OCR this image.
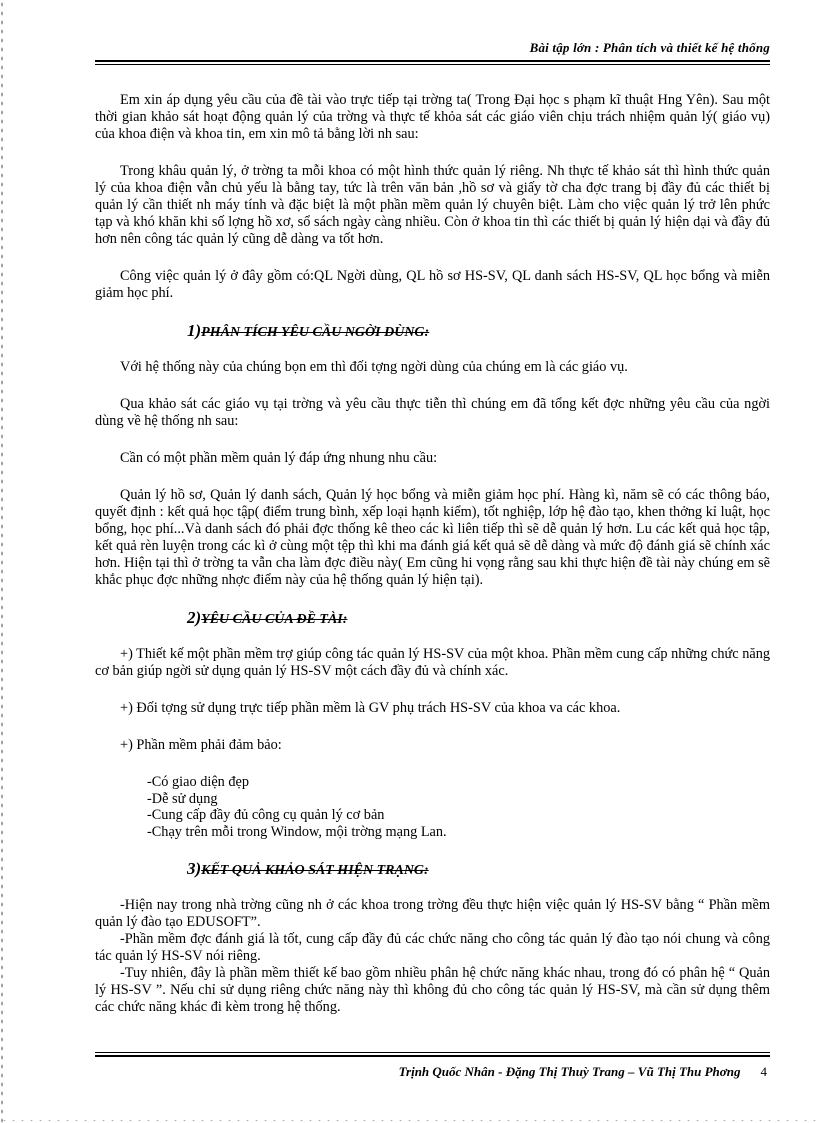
Bài tập lớn : Phân tích và thiết kế hệ thống

Em xin áp dụng yêu cầu của đề tài vào trực tiếp tại trờng ta( Trong Đại học s phạm kĩ thuật Hng Yên). Sau một thời gian khảo sát hoạt động quản lý của trờng và thực tế khỏa sát các giáo viên chịu trách nhiệm quản lý( giáo vụ) của khoa điện và khoa tin, em xin mô tả bằng lời nh sau:

Trong khâu quản lý, ở trờng ta mỗi khoa có một hình thức quản lý riêng. Nh thực tế khảo sát thì hình thức quản lý của khoa điện vẫn chủ yếu là bằng tay, tức là trên văn bản ,hồ sơ và giấy tờ cha đợc trang bị đầy đủ các thiết bị quản lý cần thiết nh máy tính và đặc biệt là một phần mềm quản lý chuyên biệt. Làm cho việc quản lý trở lên phức tạp và khó khăn khi số lợng hồ xơ, sổ sách ngày càng nhiều. Còn ở khoa tin thì các thiết bị quản lý hiện dại và đầy đủ hơn nên công tác quản lý cũng dễ dàng va tốt hơn.

Công việc quản lý ở đây gồm có:QL Ngời dùng, QL hồ sơ HS-SV, QL danh sách HS-SV, QL học bổng và miễn giảm học phí.

1)PHÂN TÍCH YÊU CẦU NGỜI DÙNG:

Với hệ thống này của chúng bọn em thì đối tợng ngời dùng của chúng em là các giáo vụ.

Qua khảo sát các giáo vụ tại trờng và yêu cầu thực tiễn thì chúng em đã tổng kết đợc những yêu cầu của ngời dùng về hệ thống nh sau:

Cần có một phần mềm quản lý đáp ứng nhung nhu cầu:

Quản lý hồ sơ, Quản lý danh sách, Quản lý học bổng và miễn giảm học phí. Hàng kì, năm sẽ có các thông báo, quyết định : kết quả học tập( điểm trung bình, xếp loại hạnh kiểm), tốt nghiệp, lớp hệ đào tạo, khen thởng kỉ luật, học bổng, học phí...Và danh sách đó phải đợc thống kê theo các kì liên tiếp thì sẽ dễ quản lý hơn. Lu các kết quả học tập, kết quả rèn luyện trong các kì ở cùng một tệp thì khi ma đánh giá kết quả sẽ dễ dàng và mức độ đánh giá sẽ chính xác hơn. Hiện tại thì ở trờng ta vẫn cha làm đợc điều này( Em cũng hi vọng rằng sau khi thực hiện đề tài này chúng em sẽ khắc phục đợc những nhợc điểm này của hệ thống quản lý hiện tại).

2)YÊU CẦU CỦA ĐỀ TÀI:

+) Thiết kế một phần mềm trợ giúp công tác quản lý HS-SV của một khoa. Phần mềm cung cấp những chức năng cơ bản giúp ngời sử dụng quản lý HS-SV một cách đầy đủ và chính xác.

+) Đối tợng sử dụng trực tiếp phần mềm là GV phụ trách HS-SV của khoa va các khoa.

+) Phần mềm phải đảm bảo:

-Có giao diện đẹp
-Dễ sử dụng
-Cung cấp đầy đủ công cụ quản lý cơ bản
-Chạy trên mỗi trong Window, mội trờng mạng Lan.
3)KẾT QUẢ KHẢO SÁT HIỆN TRẠNG:

-Hiện nay trong nhà trờng cũng nh ở các khoa trong trờng đều thực hiện việc quản lý HS-SV bằng “ Phần mềm quản lý đào tạo EDUSOFT”.

-Phần mềm đợc đánh giá là tốt, cung cấp đầy đủ các chức năng cho công tác quản lý đào tạo nói chung và công tác quản lý HS-SV nói riêng.

-Tuy nhiên, đây là phần mềm thiết kế bao gồm nhiều phân hệ chức năng khác nhau, trong đó có phân hệ “ Quản lý HS-SV ”. Nếu chỉ sử dụng riêng chức năng này thì không đủ cho công tác quản lý HS-SV, mà cần sử dụng thêm các chức năng khác đi kèm trong hệ thống.

Trịnh Quốc Nhân - Đặng Thị Thuỳ Trang – Vũ Thị Thu Phơng 4
